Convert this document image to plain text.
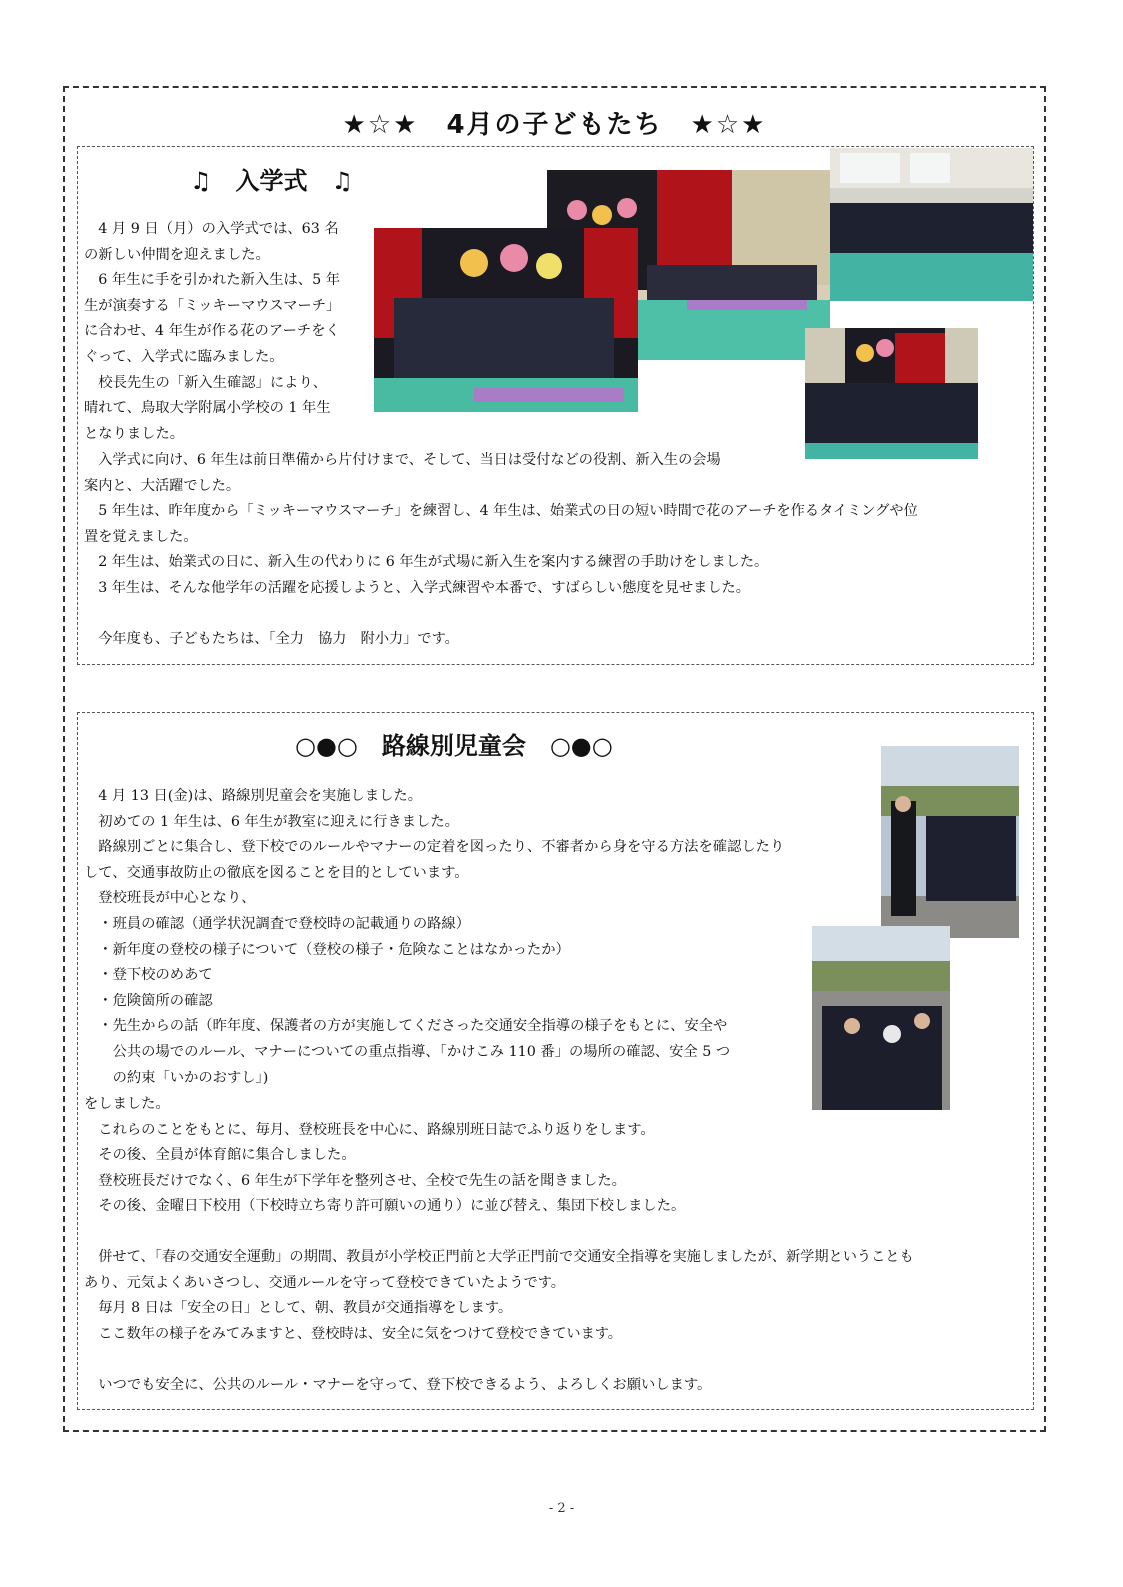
★☆★　4月の子どもたち　★☆★
♫　入学式　♫

　4 月 9 日（月）の入学式では、63 名

の新しい仲間を迎えました。

　6 年生に手を引かれた新入生は、5 年

生が演奏する「ミッキーマウスマーチ」

に合わせ、4 年生が作る花のアーチをく

ぐって、入学式に臨みました。

　校長先生の「新入生確認」により、

晴れて、鳥取大学附属小学校の 1 年生

となりました。

　入学式に向け、6 年生は前日準備から片付けまで、そして、当日は受付などの役割、新入生の会場

案内と、大活躍でした。

　5 年生は、昨年度から「ミッキーマウスマーチ」を練習し、4 年生は、始業式の日の短い時間で花のアーチを作るタイミングや位

置を覚えました。

　2 年生は、始業式の日に、新入生の代わりに 6 年生が式場に新入生を案内する練習の手助けをしました。

　3 年生は、そんな他学年の活躍を応援しようと、入学式練習や本番で、すばらしい態度を見せました。

　今年度も、子どもたちは、「全力　協力　附小力」です。

○●○　路線別児童会　○●○

　4 月 13 日(金)は、路線別児童会を実施しました。

　初めての 1 年生は、6 年生が教室に迎えに行きました。

　路線別ごとに集合し、登下校でのルールやマナーの定着を図ったり、不審者から身を守る方法を確認したり

して、交通事故防止の徹底を図ることを目的としています。

　登校班長が中心となり、

　・班員の確認（通学状況調査で登校時の記載通りの路線）

　・新年度の登校の様子について（登校の様子・危険なことはなかったか）

　・登下校のめあて

　・危険箇所の確認

　・先生からの話（昨年度、保護者の方が実施してくださった交通安全指導の様子をもとに、安全や

　　公共の場でのルール、マナーについての重点指導、「かけこみ 110 番」の場所の確認、安全 5 つ

　　の約束「いかのおすし」)

をしました。

　これらのことをもとに、毎月、登校班長を中心に、路線別班日誌でふり返りをします。

　その後、全員が体育館に集合しました。

　登校班長だけでなく、6 年生が下学年を整列させ、全校で先生の話を聞きました。

　その後、金曜日下校用（下校時立ち寄り許可願いの通り）に並び替え、集団下校しました。

　併せて、「春の交通安全運動」の期間、教員が小学校正門前と大学正門前で交通安全指導を実施しましたが、新学期ということも

あり、元気よくあいさつし、交通ルールを守って登校できていたようです。

　毎月 8 日は「安全の日」として、朝、教員が交通指導をします。

　ここ数年の様子をみてみますと、登校時は、安全に気をつけて登校できています。

　いつでも安全に、公共のルール・マナーを守って、登下校できるよう、よろしくお願いします。

- 2 -
